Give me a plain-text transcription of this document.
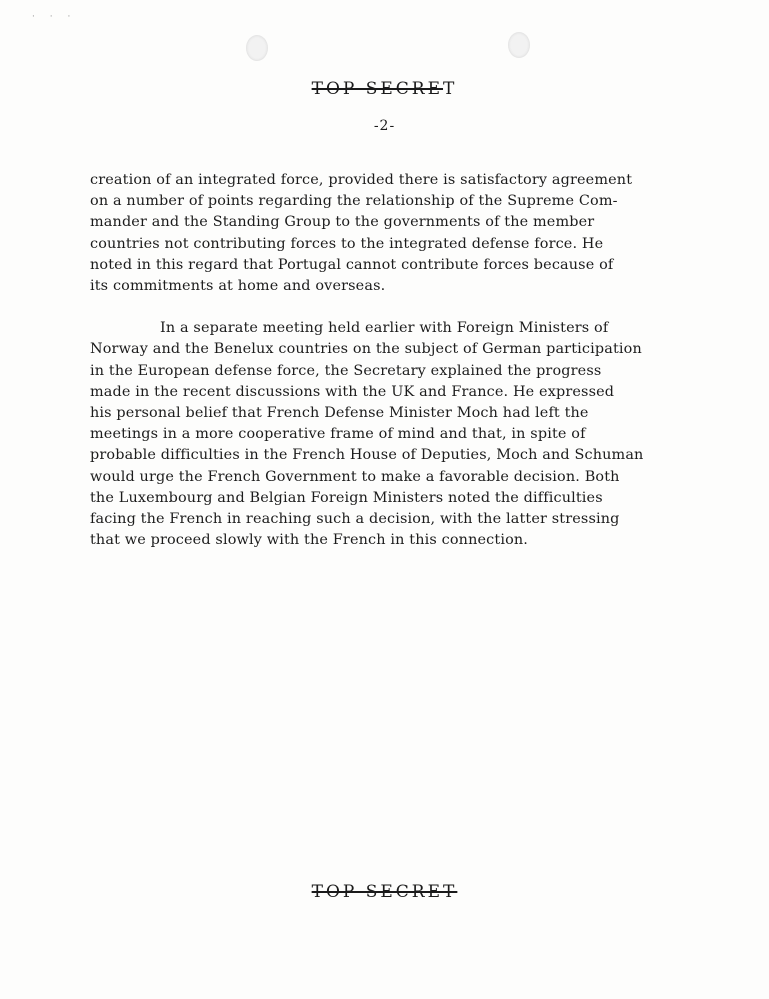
· · ·
TOP SECRET
-2-

creation of an integrated force, provided there is satisfactory agreement
on a number of points regarding the relationship of the Supreme Com-
mander and the Standing Group to the governments of the member
countries not contributing forces to the integrated defense force. He
noted in this regard that Portugal cannot contribute forces because of
its commitments at home and overseas.

In a separate meeting held earlier with Foreign Ministers of
Norway and the Benelux countries on the subject of German participation
in the European defense force, the Secretary explained the progress
made in the recent discussions with the UK and France. He expressed
his personal belief that French Defense Minister Moch had left the
meetings in a more cooperative frame of mind and that, in spite of
probable difficulties in the French House of Deputies, Moch and Schuman
would urge the French Government to make a favorable decision. Both
the Luxembourg and Belgian Foreign Ministers noted the difficulties
facing the French in reaching such a decision, with the latter stressing
that we proceed slowly with the French in this connection.

TOP SECRET
